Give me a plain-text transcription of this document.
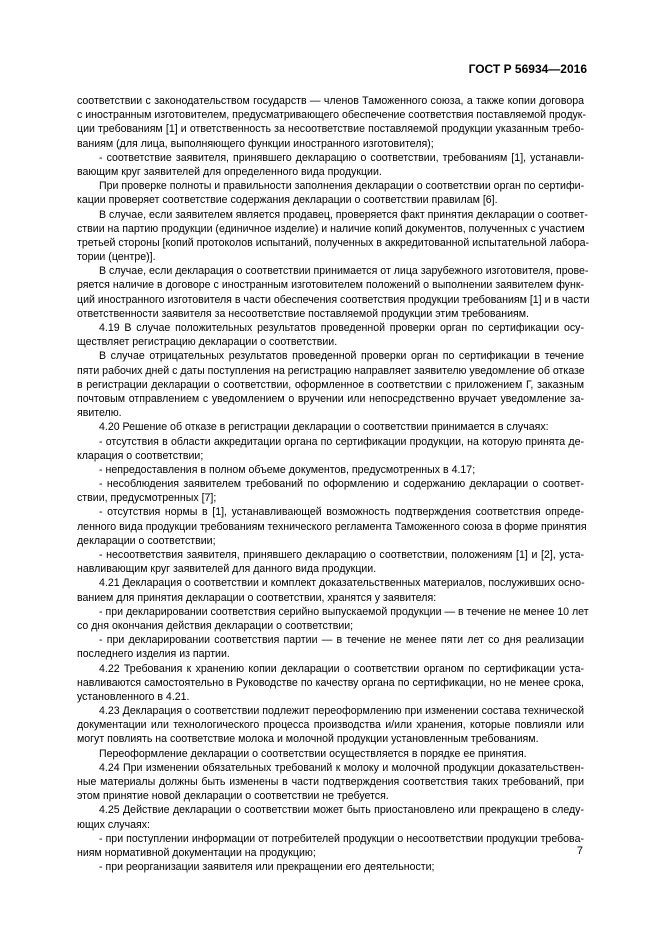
ГОСТ Р 56934—2016
соответствии с законодательством государств — членов Таможенного союза, а также копии договора
с иностранным изготовителем, предусматривающего обеспечение соответствия поставляемой продук-
ции требованиям [1] и ответственность за несоответствие поставляемой продукции указанным требо-
ваниям (для лица, выполняющего функции иностранного изготовителя);
- соответствие заявителя, принявшего декларацию о соответствии, требованиям [1], устанавли-
вающим круг заявителей для определенного вида продукции.
При проверке полноты и правильности заполнения декларации о соответствии орган по сертифи-
кации проверяет соответствие содержания декларации о соответствии правилам [6].
В случае, если заявителем является продавец, проверяется факт принятия декларации о соответ-
ствии на партию продукции (единичное изделие) и наличие копий документов, полученных с участием
третьей стороны [копий протоколов испытаний, полученных в аккредитованной испытательной лабора-
тории (центре)].
В случае, если декларация о соответствии принимается от лица зарубежного изготовителя, прове-
ряется наличие в договоре с иностранным изготовителем положений о выполнении заявителем функ-
ций иностранного изготовителя в части обеспечения соответствия продукции требованиям [1] и в части
ответственности заявителя за несоответствие поставляемой продукции этим требованиям.
4.19 В случае положительных результатов проведенной проверки орган по сертификации осу-
ществляет регистрацию декларации о соответствии.
В случае отрицательных результатов проведенной проверки орган по сертификации в течение
пяти рабочих дней с даты поступления на регистрацию направляет заявителю уведомление об отказе
в регистрации декларации о соответствии, оформленное в соответствии с приложением Г, заказным
почтовым отправлением с уведомлением о вручении или непосредственно вручает уведомление за-
явителю.
4.20 Решение об отказе в регистрации декларации о соответствии принимается в случаях:
- отсутствия в области аккредитации органа по сертификации продукции, на которую принята де-
кларация о соответствии;
- непредоставления в полном объеме документов, предусмотренных в 4.17;
- несоблюдения заявителем требований по оформлению и содержанию декларации о соответ-
ствии, предусмотренных [7];
- отсутствия нормы в [1], устанавливающей возможность подтверждения соответствия опреде-
ленного вида продукции требованиям технического регламента Таможенного союза в форме принятия
декларации о соответствии;
- несоответствия заявителя, принявшего декларацию о соответствии, положениям [1] и [2], уста-
навливающим круг заявителей для данного вида продукции.
4.21 Декларация о соответствии и комплект доказательственных материалов, послуживших осно-
ванием для принятия декларации о соответствии, хранятся у заявителя:
- при декларировании соответствия серийно выпускаемой продукции — в течение не менее 10 лет
со дня окончания действия декларации о соответствии;
- при декларировании соответствия партии — в течение не менее пяти лет со дня реализации
последнего изделия из партии.
4.22 Требования к хранению копии декларации о соответствии органом по сертификации уста-
навливаются самостоятельно в Руководстве по качеству органа по сертификации, но не менее срока,
установленного в 4.21.
4.23 Декларация о соответствии подлежит переоформлению при изменении состава технической
документации или технологического процесса производства и/или хранения, которые повлияли или
могут повлиять на соответствие молока и молочной продукции установленным требованиям.
Переоформление декларации о соответствии осуществляется в порядке ее принятия.
4.24 При изменении обязательных требований к молоку и молочной продукции доказательствен-
ные материалы должны быть изменены в части подтверждения соответствия таких требований, при
этом принятие новой декларации о соответствии не требуется.
4.25 Действие декларации о соответствии может быть приостановлено или прекращено в следу-
ющих случаях:
- при поступлении информации от потребителей продукции о несоответствии продукции требова-
ниям нормативной документации на продукцию;
- при реорганизации заявителя или прекращении его деятельности;
7
